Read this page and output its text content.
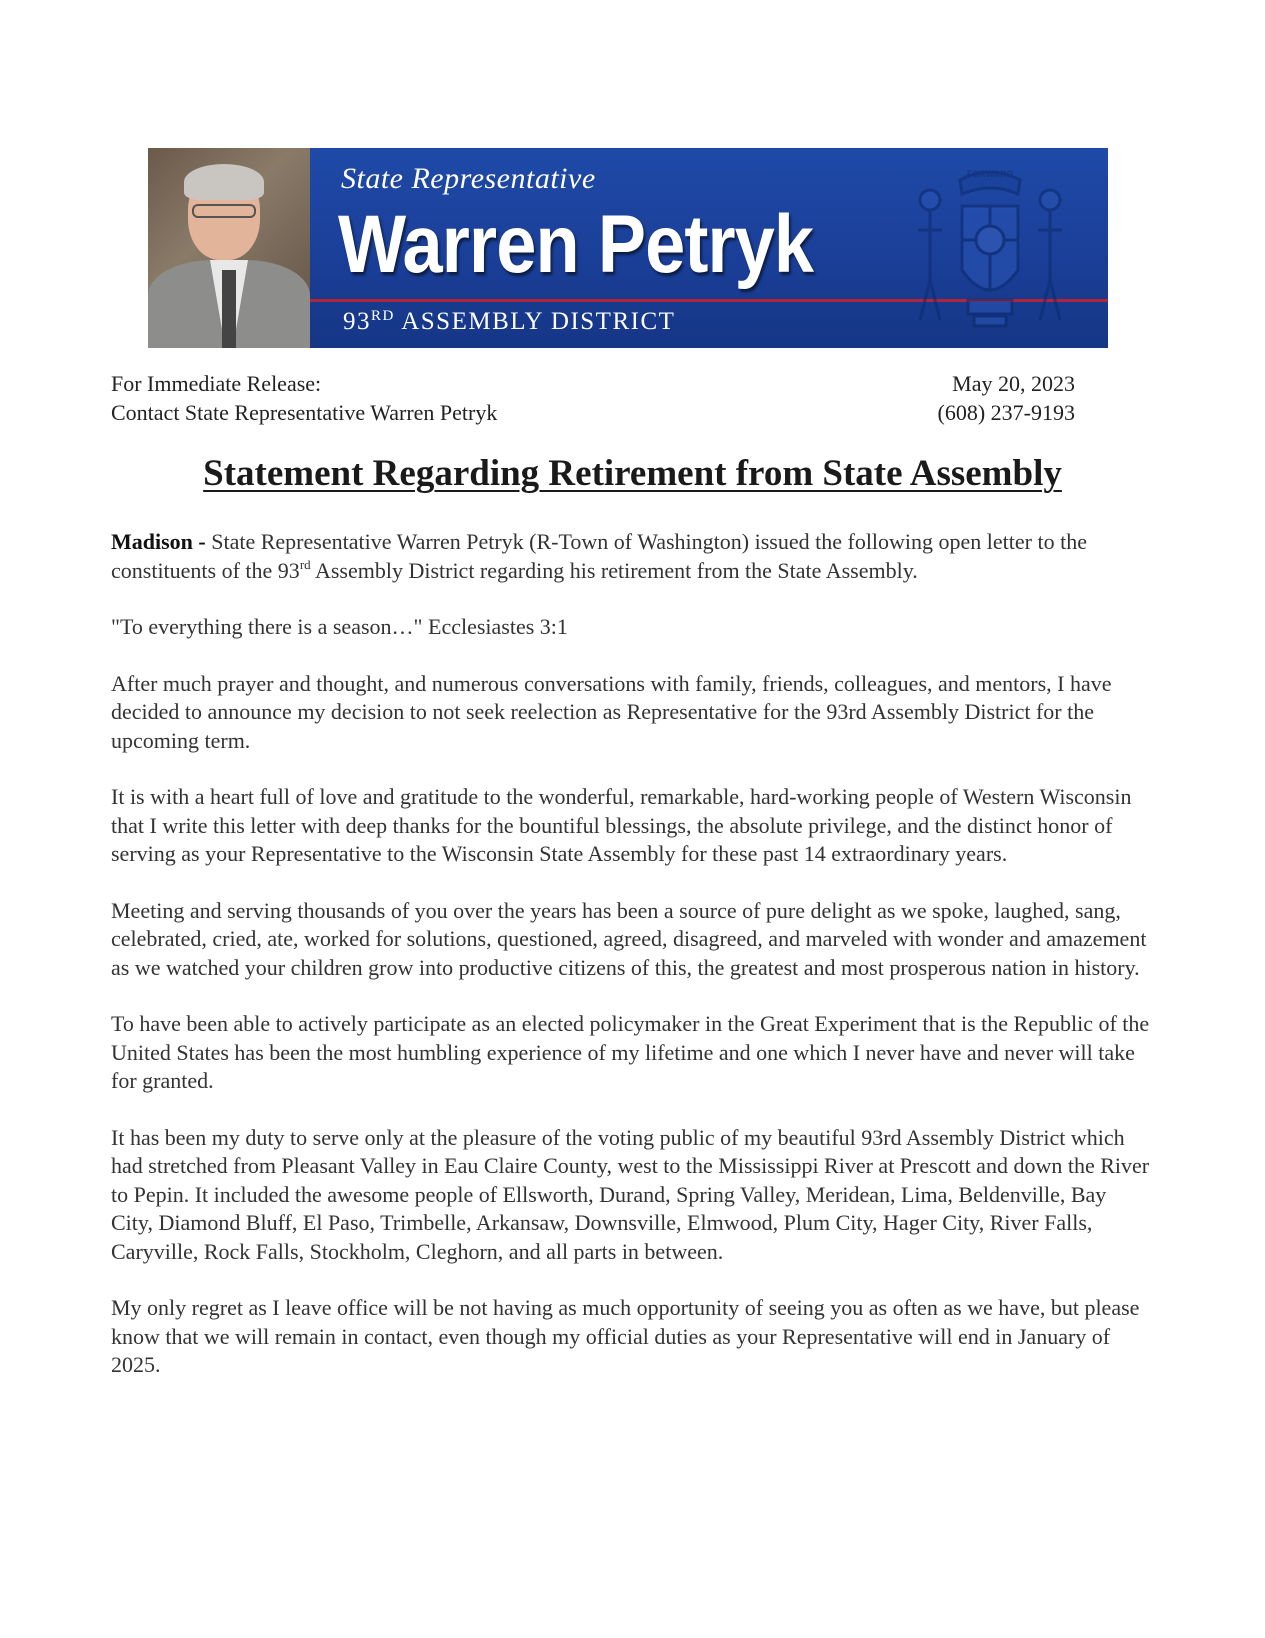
State Representative
Warren Petryk
93RD ASSEMBLY DISTRICT
FORWARD
For Immediate Release:
Contact State Representative Warren Petryk
May 20, 2023
(608) 237-9193
Statement Regarding Retirement from State Assembly

Madison - State Representative Warren Petryk (R-Town of Washington) issued the following open letter to the constituents of the 93rd Assembly District regarding his retirement from the State Assembly.

"To everything there is a season…" Ecclesiastes 3:1

After much prayer and thought, and numerous conversations with family, friends, colleagues, and mentors, I have decided to announce my decision to not seek reelection as Representative for the 93rd Assembly District for the upcoming term.

It is with a heart full of love and gratitude to the wonderful, remarkable, hard-working people of Western Wisconsin that I write this letter with deep thanks for the bountiful blessings, the absolute privilege, and the distinct honor of serving as your Representative to the Wisconsin State Assembly for these past 14 extraordinary years.

Meeting and serving thousands of you over the years has been a source of pure delight as we spoke, laughed, sang, celebrated, cried, ate, worked for solutions, questioned, agreed, disagreed, and marveled with wonder and amazement as we watched your children grow into productive citizens of this, the greatest and most prosperous nation in history.

To have been able to actively participate as an elected policymaker in the Great Experiment that is the Republic of the United States has been the most humbling experience of my lifetime and one which I never have and never will take for granted.

It has been my duty to serve only at the pleasure of the voting public of my beautiful 93rd Assembly District which had stretched from Pleasant Valley in Eau Claire County, west to the Mississippi River at Prescott and down the River to Pepin. It included the awesome people of Ellsworth, Durand, Spring Valley, Meridean, Lima, Beldenville, Bay City, Diamond Bluff, El Paso, Trimbelle, Arkansaw, Downsville, Elmwood, Plum City, Hager City, River Falls, Caryville, Rock Falls, Stockholm, Cleghorn, and all parts in between.

My only regret as I leave office will be not having as much opportunity of seeing you as often as we have, but please know that we will remain in contact, even though my official duties as your Representative will end in January of 2025.
